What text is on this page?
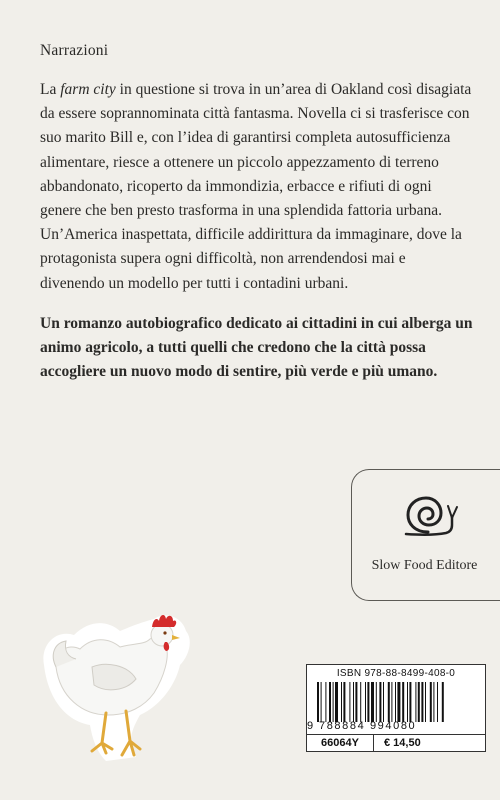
Narrazioni
La farm city in questione si trova in un’area di Oakland così disagiata da essere soprannominata città fantasma. Novella ci si trasferisce con suo marito Bill e, con l’idea di garantirsi completa autosufficienza alimentare, riesce a ottenere un piccolo appezzamento di terreno abbandonato, ricoperto da immondizia, erbacce e rifiuti di ogni genere che ben presto trasforma in una splendida fattoria urbana. Un’America inaspettata, difficile addirittura da immaginare, dove la protagonista supera ogni difficoltà, non arrendendosi mai e divenendo un modello per tutti i contadini urbani.
Un romanzo autobiografico dedicato ai cittadini in cui alberga un animo agricolo, a tutti quelli che credono che la città possa accogliere un nuovo modo di sentire, più verde e più umano.
Slow Food Editore
ISBN 978-88-8499-408-0
9 788884 994080
66064Y	€ 14,50
